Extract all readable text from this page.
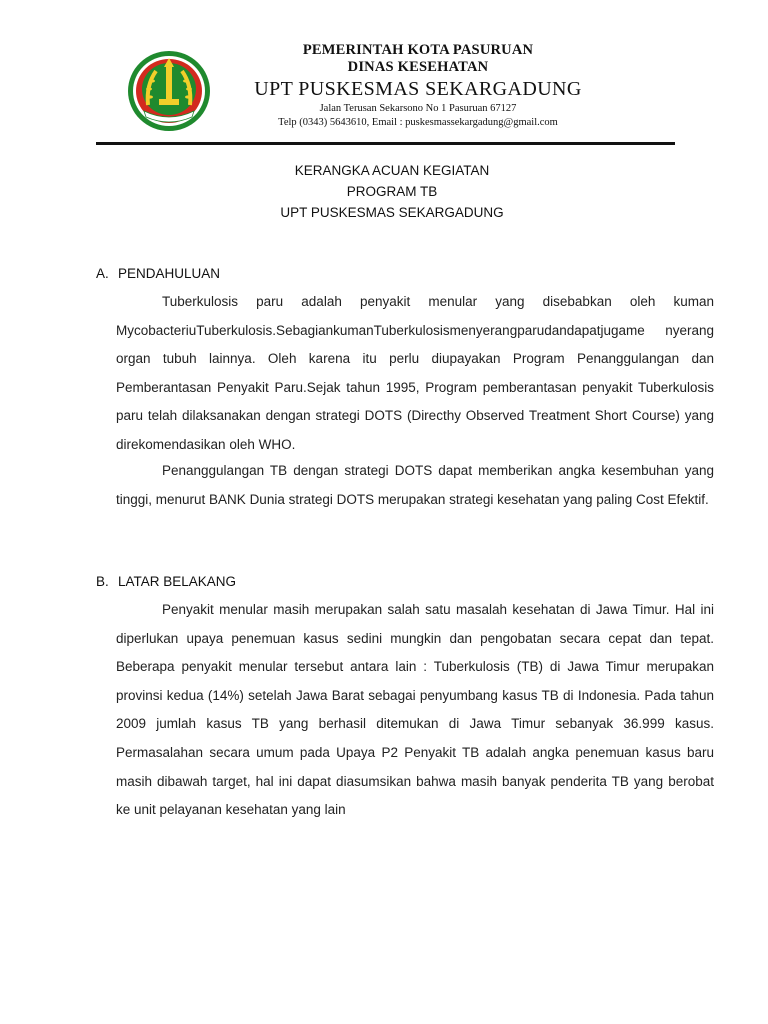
PEMERINTAH KOTA PASURUAN
DINAS KESEHATAN
UPT PUSKESMAS SEKARGADUNG
Jalan Terusan Sekarsono No 1 Pasuruan 67127
Telp (0343) 5643610, Email : puskesmassekargadung@gmail.com
KERANGKA ACUAN KEGIATAN
PROGRAM TB
UPT PUSKESMAS SEKARGADUNG
A. PENDAHULUAN

Tuberkulosis paru adalah penyakit menular yang disebabkan oleh kuman MycobacteriuTuberkulosis.SebagiankumanTuberkulosismenyerangparudandapatjugame nyerang organ tubuh lainnya. Oleh karena itu perlu diupayakan Program Penanggulangan dan Pemberantasan Penyakit Paru.Sejak tahun 1995, Program pemberantasan penyakit Tuberkulosis paru telah dilaksanakan dengan strategi DOTS (Directhy Observed Treatment Short Course) yang direkomendasikan oleh WHO.

Penanggulangan TB dengan strategi DOTS dapat memberikan angka kesembuhan yang tinggi, menurut BANK Dunia strategi DOTS merupakan strategi kesehatan yang paling Cost Efektif.

B. LATAR BELAKANG

Penyakit menular masih merupakan salah satu masalah kesehatan di Jawa Timur. Hal ini diperlukan upaya penemuan kasus sedini mungkin dan pengobatan secara cepat dan tepat. Beberapa penyakit menular tersebut antara lain : Tuberkulosis (TB) di Jawa Timur merupakan provinsi kedua (14%) setelah Jawa Barat sebagai penyumbang kasus TB di Indonesia. Pada tahun 2009 jumlah kasus TB yang berhasil ditemukan di Jawa Timur sebanyak 36.999 kasus. Permasalahan secara umum pada Upaya P2 Penyakit TB adalah angka penemuan kasus baru masih dibawah target, hal ini dapat diasumsikan bahwa masih banyak penderita TB yang berobat ke unit pelayanan kesehatan yang lain
